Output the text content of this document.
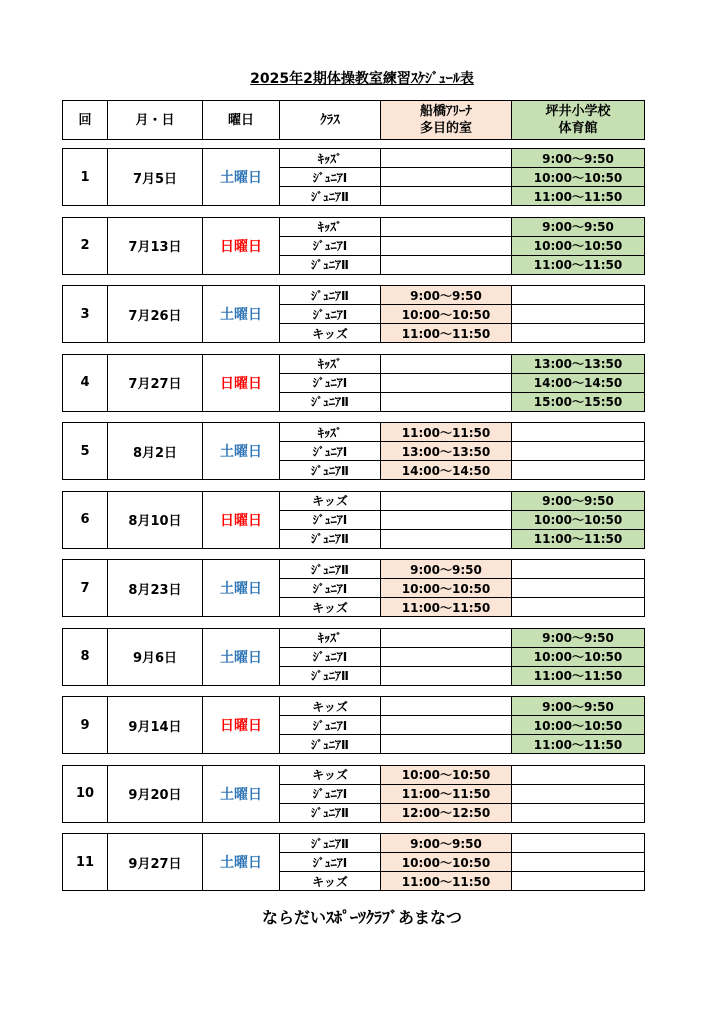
2025年2期体操教室練習ｽｹｼﾞｭｰﾙ表
回	月・日	曜日	ｸﾗｽ	船橋ｱﾘｰﾅ
多目的室	坪井小学校
体育館
1	7月5日	土曜日	ｷｯｽﾞ		9:00～9:50
			ｼﾞｭﾆｱⅠ		10:00～10:50
			ｼﾞｭﾆｱⅡ		11:00～11:50
2	7月13日	日曜日	ｷｯｽﾞ		9:00～9:50
			ｼﾞｭﾆｱⅠ		10:00～10:50
			ｼﾞｭﾆｱⅡ		11:00～11:50
3	7月26日	土曜日	ｼﾞｭﾆｱⅡ	9:00～9:50	
			ｼﾞｭﾆｱⅠ	10:00～10:50	
			キッズ	11:00～11:50	
4	7月27日	日曜日	ｷｯｽﾞ		13:00～13:50
			ｼﾞｭﾆｱⅠ		14:00～14:50
			ｼﾞｭﾆｱⅡ		15:00～15:50
5	8月2日	土曜日	ｷｯｽﾞ	11:00～11:50	
			ｼﾞｭﾆｱⅠ	13:00～13:50	
			ｼﾞｭﾆｱⅡ	14:00～14:50	
6	8月10日	日曜日	キッズ		9:00～9:50
			ｼﾞｭﾆｱⅠ		10:00～10:50
			ｼﾞｭﾆｱⅡ		11:00～11:50
7	8月23日	土曜日	ｼﾞｭﾆｱⅡ	9:00～9:50	
			ｼﾞｭﾆｱⅠ	10:00～10:50	
			キッズ	11:00～11:50	
8	9月6日	土曜日	ｷｯｽﾞ		9:00～9:50
			ｼﾞｭﾆｱⅠ		10:00～10:50
			ｼﾞｭﾆｱⅡ		11:00～11:50
9	9月14日	日曜日	キッズ		9:00～9:50
			ｼﾞｭﾆｱⅠ		10:00～10:50
			ｼﾞｭﾆｱⅡ		11:00～11:50
10	9月20日	土曜日	キッズ	10:00～10:50	
			ｼﾞｭﾆｱⅠ	11:00～11:50	
			ｼﾞｭﾆｱⅡ	12:00～12:50	
11	9月27日	土曜日	ｼﾞｭﾆｱⅡ	9:00～9:50	
			ｼﾞｭﾆｱⅠ	10:00～10:50	
			キッズ	11:00～11:50	
ならだいｽﾎﾟｰﾂｸﾗﾌﾞあまなつ
